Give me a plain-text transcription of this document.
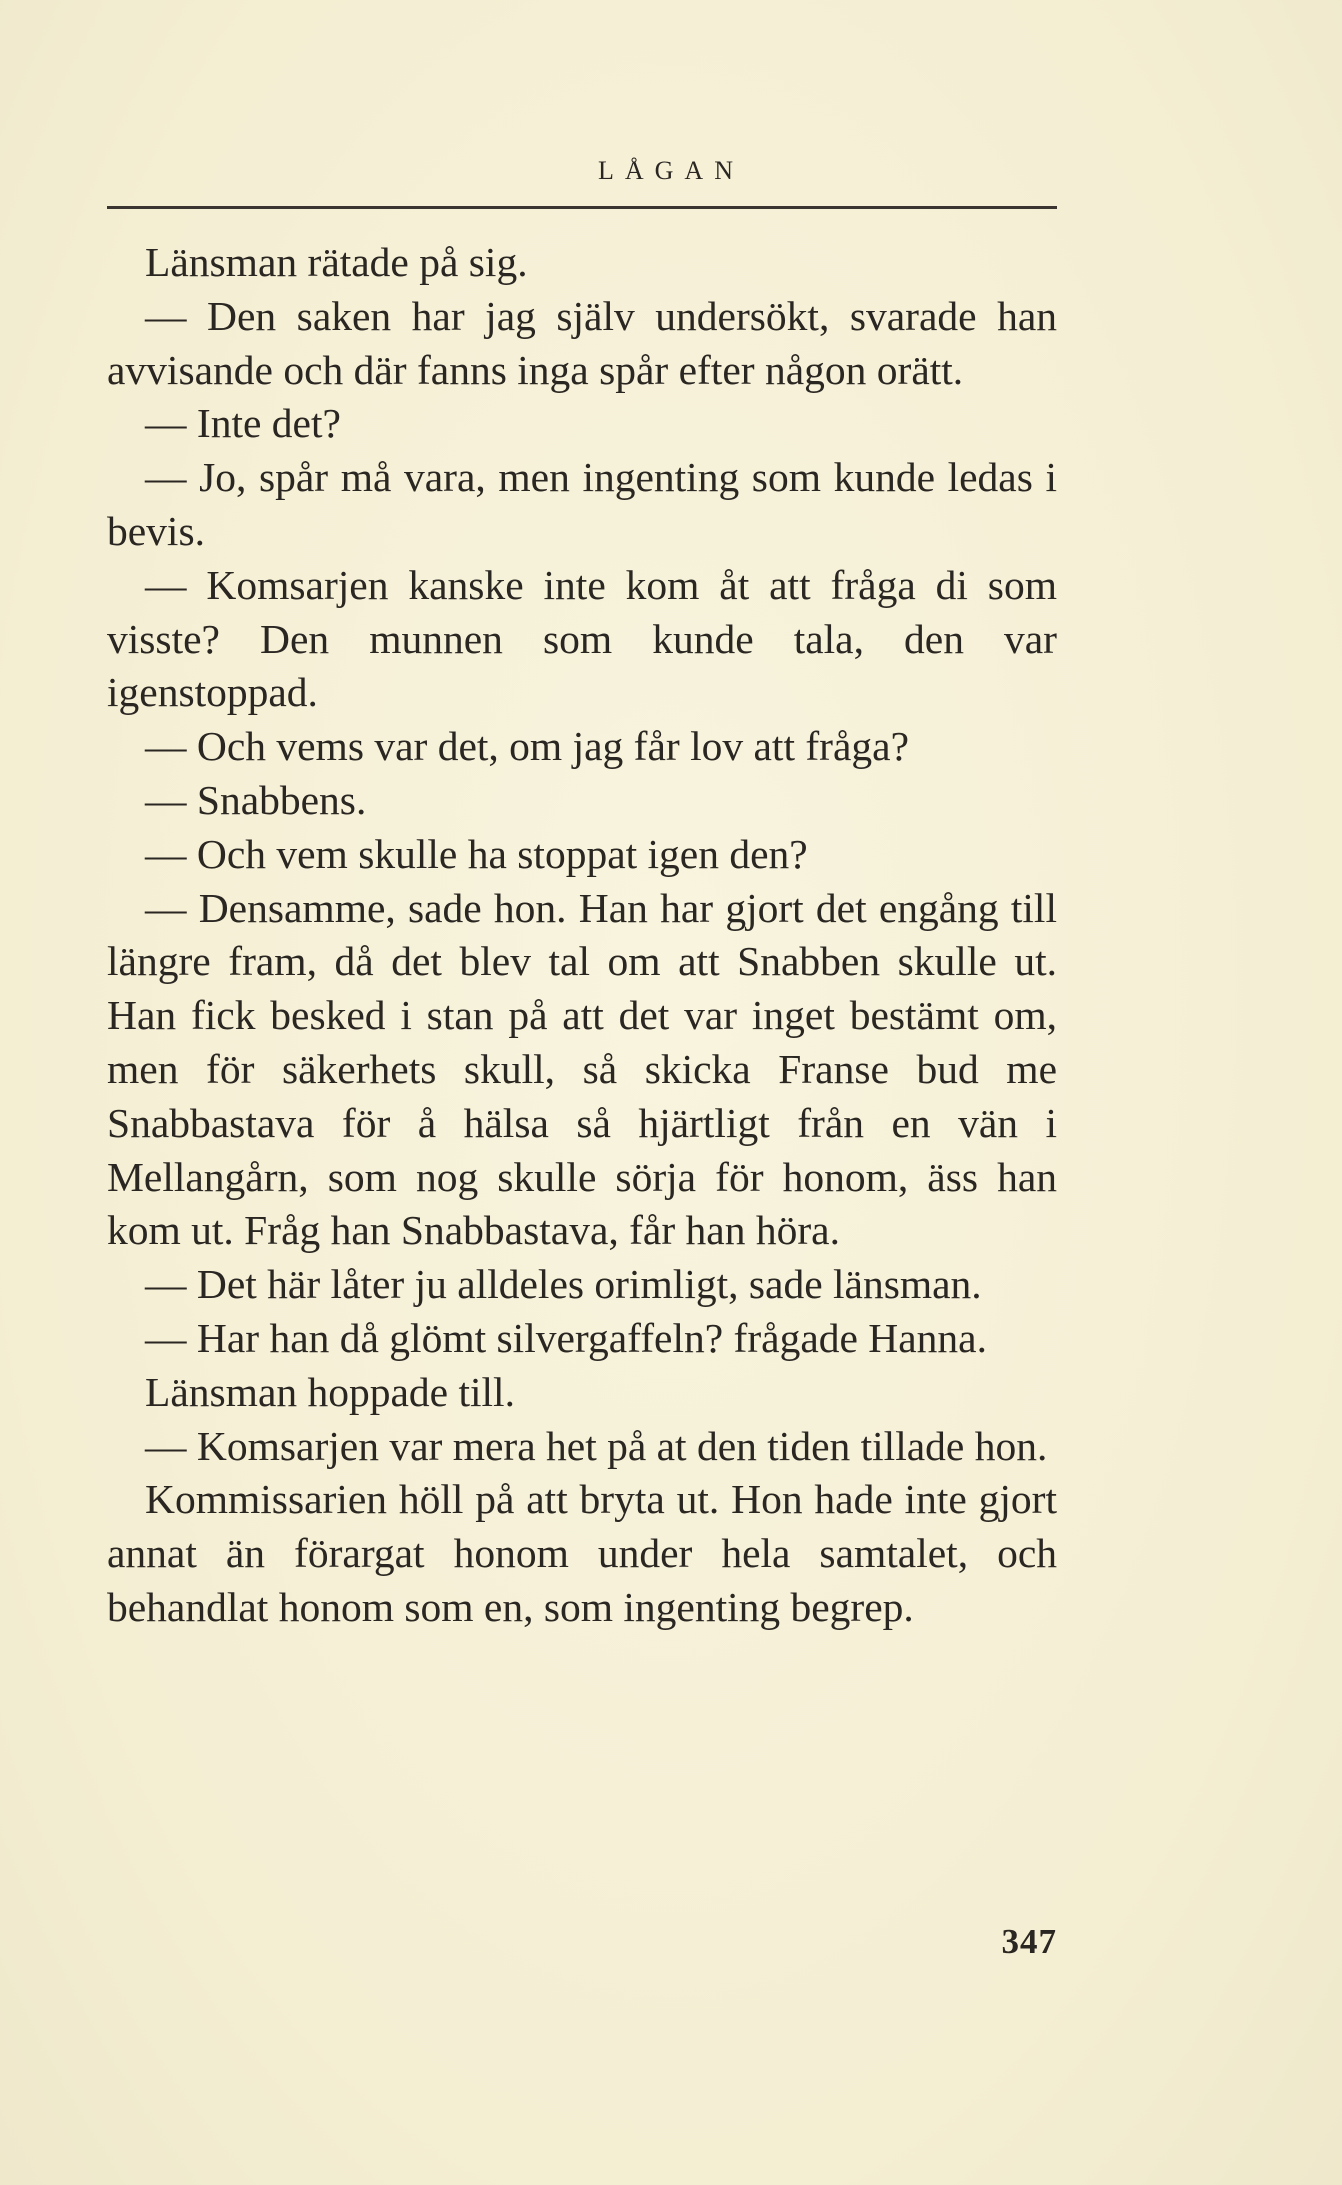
LÅGAN

Länsman rätade på sig.

— Den saken har jag själv undersökt, svarade han avvisande och där fanns inga spår efter någon orätt.

— Inte det?

— Jo, spår må vara, men ingenting som kunde ledas i bevis.

— Komsarjen kanske inte kom åt att fråga di som visste? Den munnen som kunde tala, den var igenstoppad.

— Och vems var det, om jag får lov att fråga?

— Snabbens.

— Och vem skulle ha stoppat igen den?

— Densamme, sade hon. Han har gjort det engång till längre fram, då det blev tal om att Snabben skulle ut. Han fick besked i stan på att det var inget bestämt om, men för säkerhets skull, så skicka Franse bud me Snabbastava för å hälsa så hjärtligt från en vän i Mellangårn, som nog skulle sörja för honom, äss han kom ut. Fråg han Snabbastava, får han höra.

— Det här låter ju alldeles orimligt, sade länsman.

— Har han då glömt silvergaffeln? frågade Hanna.

Länsman hoppade till.

— Komsarjen var mera het på at den tiden tillade hon.

Kommissarien höll på att bryta ut. Hon hade inte gjort annat än förargat honom under hela samtalet, och behandlat honom som en, som ingenting begrep.

347
